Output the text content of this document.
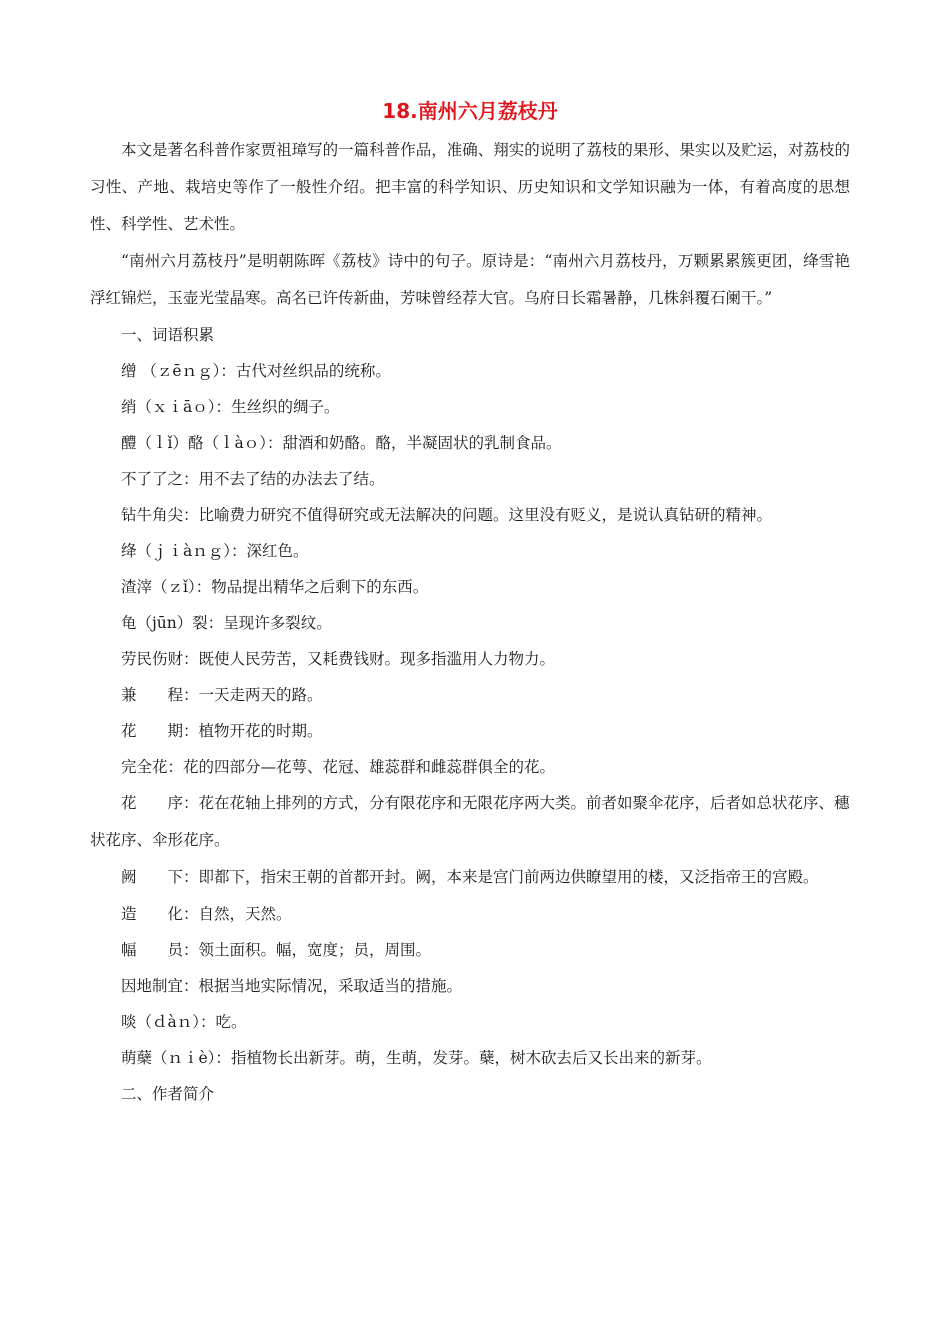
18.南州六月荔枝丹

本文是著名科普作家贾祖璋写的一篇科普作品，准确、翔实的说明了荔枝的果形、果实以及贮运，对荔枝的习性、产地、栽培史等作了一般性介绍。把丰富的科学知识、历史知识和文学知识融为一体，有着高度的思想性、科学性、艺术性。

“南州六月荔枝丹”是明朝陈晖《荔枝》诗中的句子。原诗是：“南州六月荔枝丹，万颗累累簇更团，绛雪艳浮红锦烂，玉壶光莹晶寒。高名已许传新曲，芳味曾经荐大官。乌府日长霜暑静，几株斜覆石阑干。”

一、词语积累

缯 （ｚēｎｇ）：古代对丝织品的统称。

绡（ｘｉāｏ）：生丝织的绸子。

醴（ｌǐ）酪（ｌàｏ）：甜酒和奶酪。酪，半凝固状的乳制食品。

不了了之：用不去了结的办法去了结。

钻牛角尖：比喻费力研究不值得研究或无法解决的问题。这里没有贬义，是说认真钻研的精神。

绛（ｊｉàｎｇ）：深红色。

渣滓（ｚǐ）：物品提出精华之后剩下的东西。

龟（jūn）裂：呈现许多裂纹。

劳民伤财：既使人民劳苦，又耗费钱财。现多指滥用人力物力。

兼　　程：一天走两天的路。

花　　期：植物开花的时期。

完全花：花的四部分—花萼、花冠、雄蕊群和雌蕊群俱全的花。

花　　序：花在花轴上排列的方式，分有限花序和无限花序两大类。前者如聚伞花序，后者如总状花序、穗状花序、伞形花序。

阙　　下：即都下，指宋王朝的首都开封。阙，本来是宫门前两边供瞭望用的楼，又泛指帝王的宫殿。

造　　化：自然，天然。

幅　　员：领土面积。幅，宽度；员，周围。

因地制宜：根据当地实际情况，采取适当的措施。

啖（ｄàｎ）：吃。

萌蘖（ｎｉè）：指植物长出新芽。萌，生萌，发芽。蘖，树木砍去后又长出来的新芽。

二、作者简介
